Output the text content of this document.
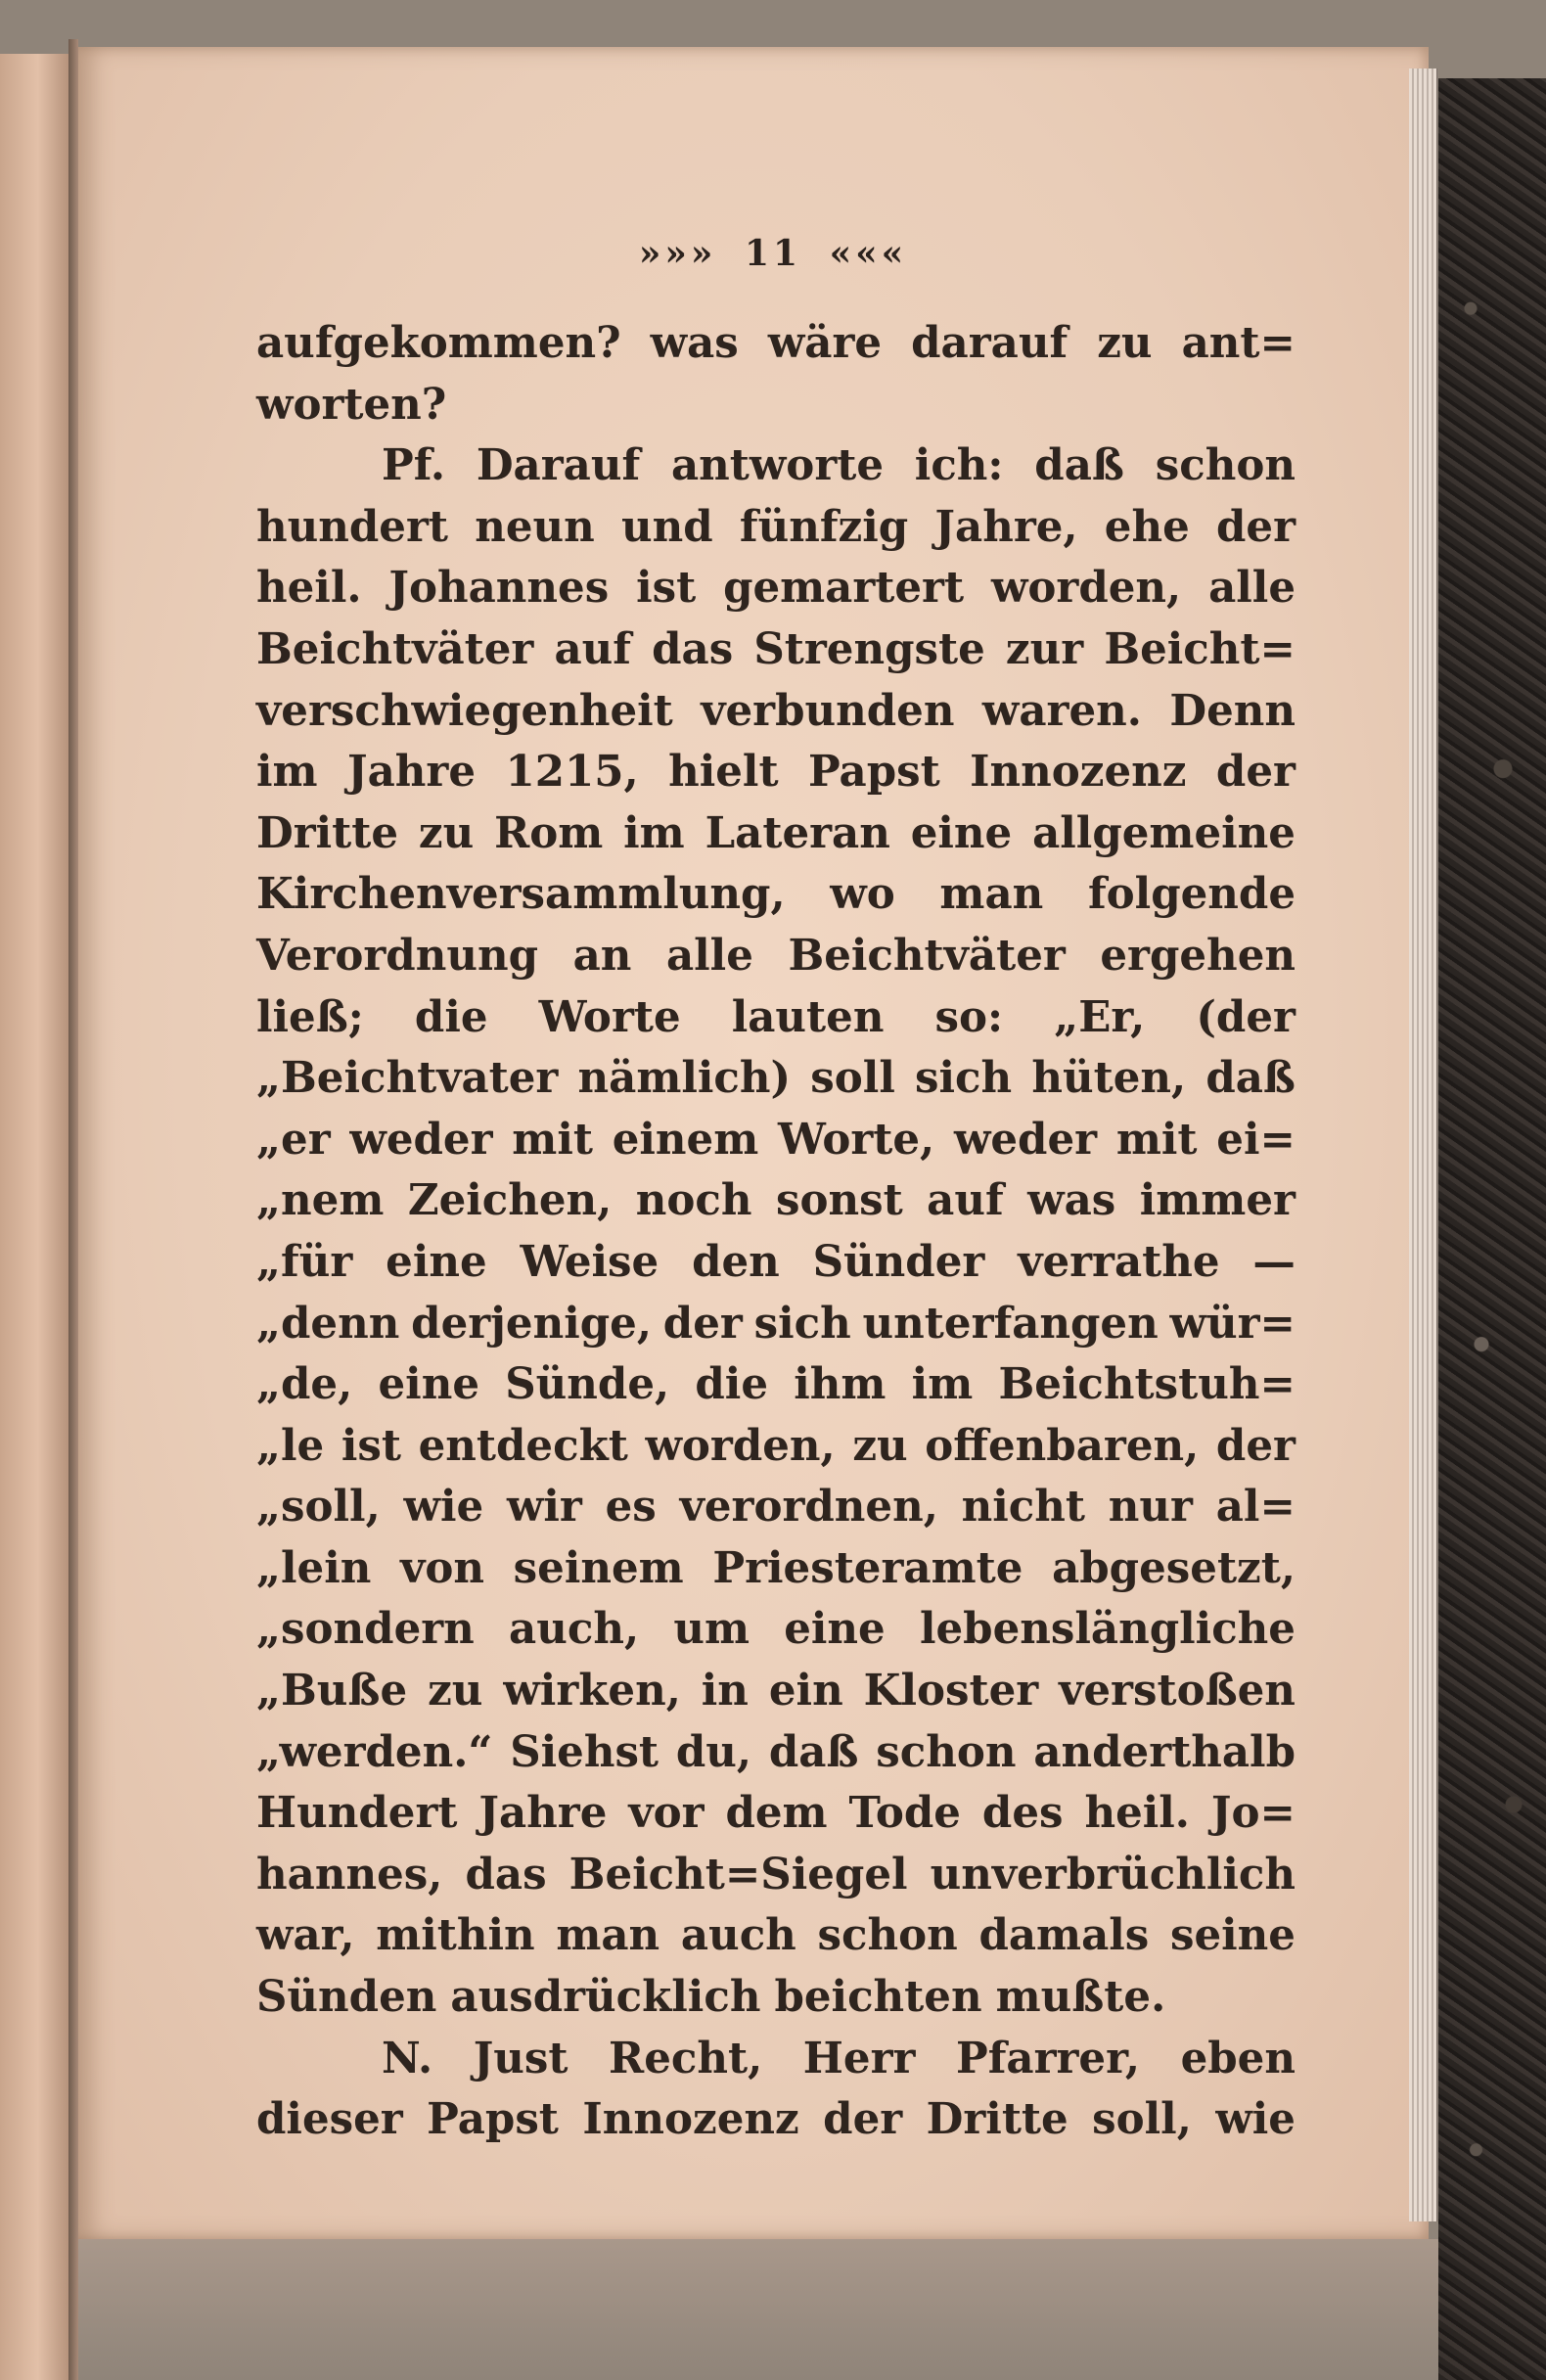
»»» 11 «««
aufgekommen? was wäre darauf zu ant=
worten?
Pf. Darauf antworte ich: daß schon
hundert neun und fünfzig Jahre, ehe der
heil. Johannes ist gemartert worden, alle
Beichtväter auf das Strengste zur Beicht=
verschwiegenheit verbunden waren. Denn
im Jahre 1215, hielt Papst Innozenz der
Dritte zu Rom im Lateran eine allgemeine
Kirchenversammlung, wo man folgende
Verordnung an alle Beichtväter ergehen
ließ; die Worte lauten so: „Er, (der
„Beichtvater nämlich) soll sich hüten, daß
„er weder mit einem Worte, weder mit ei=
„nem Zeichen, noch sonst auf was immer
„für eine Weise den Sünder verrathe —
„denn derjenige, der sich unterfangen wür=
„de, eine Sünde, die ihm im Beichtstuh=
„le ist entdeckt worden, zu offenbaren, der
„soll, wie wir es verordnen, nicht nur al=
„lein von seinem Priesteramte abgesetzt,
„sondern auch, um eine lebenslängliche
„Buße zu wirken, in ein Kloster verstoßen
„werden.“ Siehst du, daß schon anderthalb
Hundert Jahre vor dem Tode des heil. Jo=
hannes, das Beicht=Siegel unverbrüchlich
war, mithin man auch schon damals seine
Sünden ausdrücklich beichten mußte.
N. Just Recht, Herr Pfarrer, eben
dieser Papst Innozenz der Dritte soll, wie
